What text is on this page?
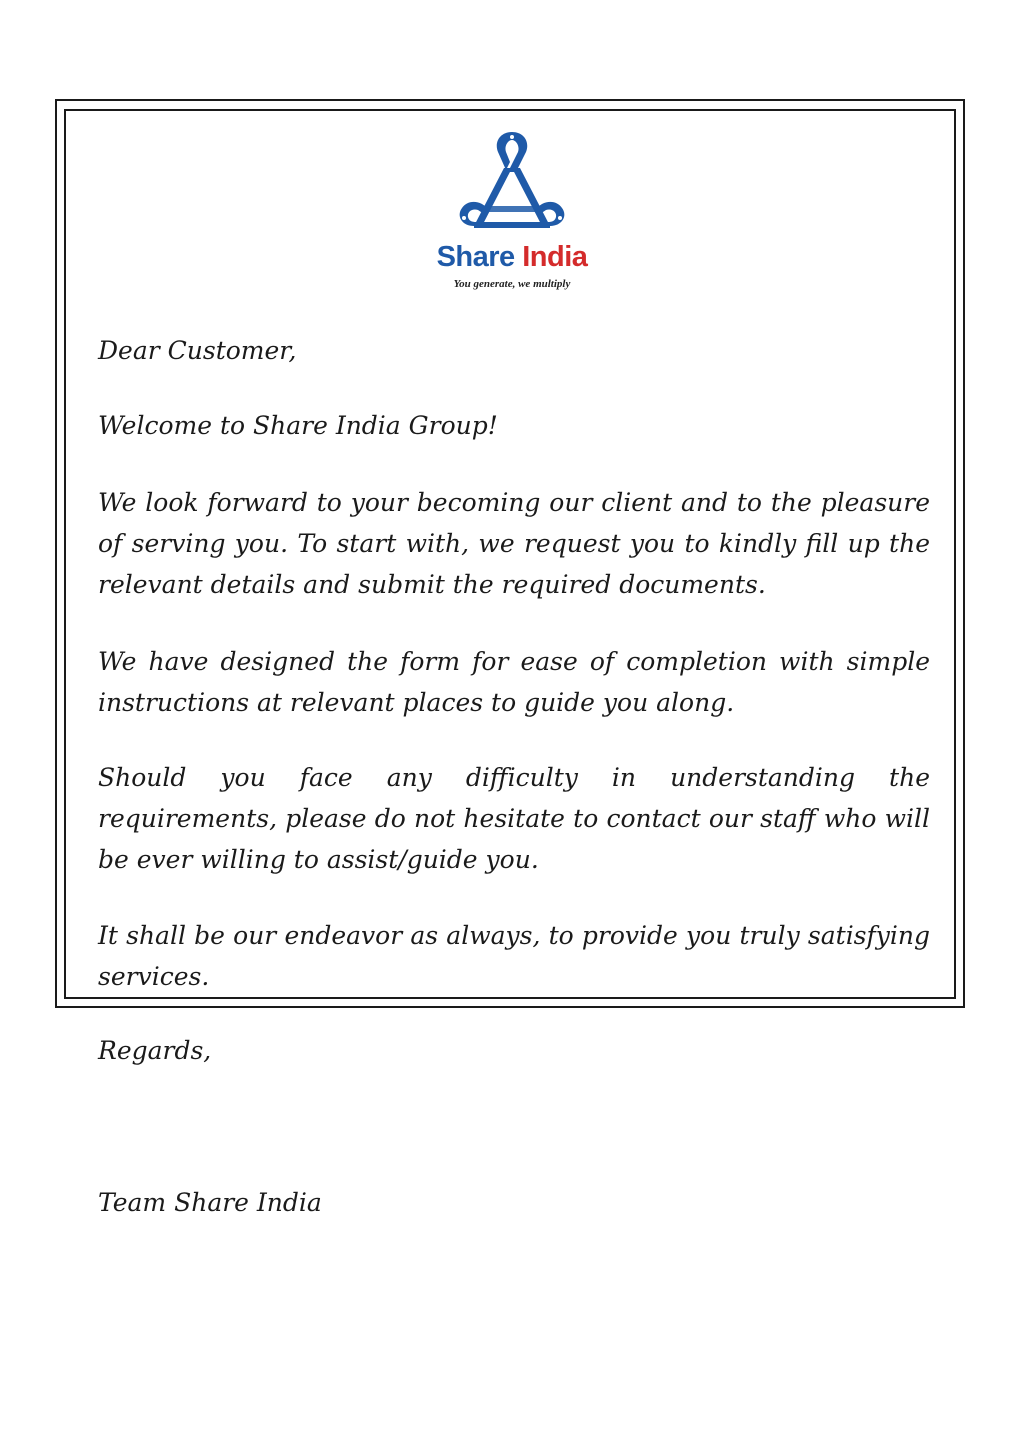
Share India
You generate, we multiply

Dear Customer,

Welcome to Share India Group!

We look forward to your becoming our client and to the pleasure of serving you. To start with, we request you to kindly fill up the relevant details and submit the required documents.

We have designed the form for ease of completion with simple instructions at relevant places to guide you along.

Should you face any difficulty in understanding the requirements, please do not hesitate to contact our staff who will be ever willing to assist/guide you.

It shall be our endeavor as always, to provide you truly satisfying services.

Regards,

Team Share India
